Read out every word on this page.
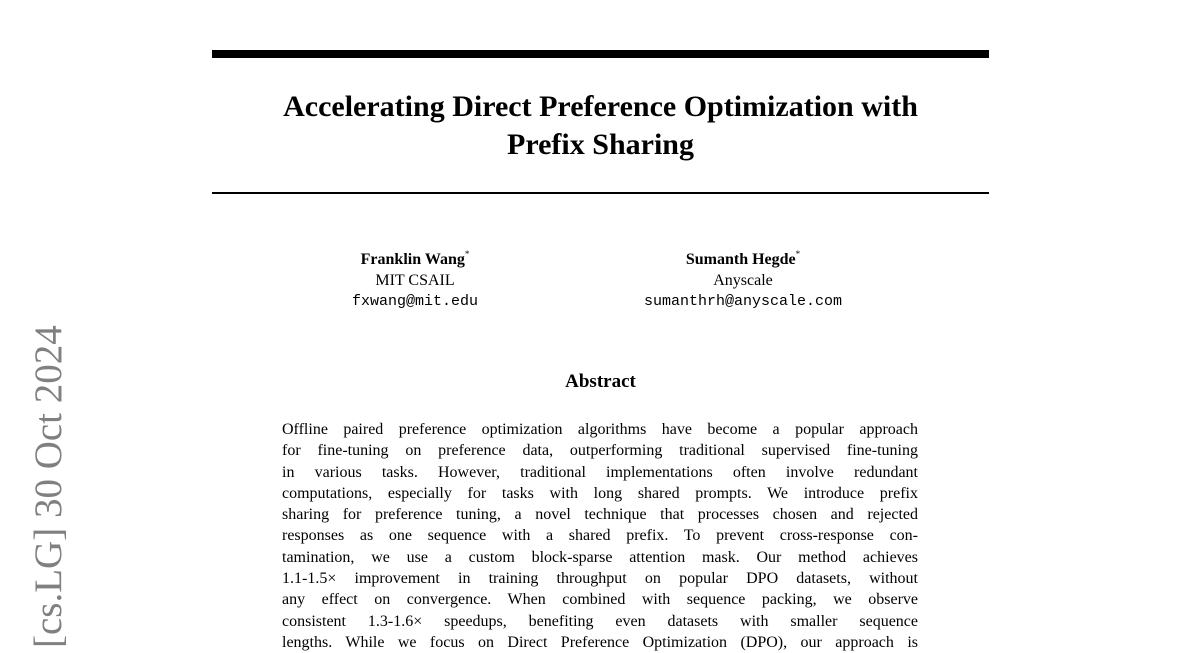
Accelerating Direct Preference Optimization with
Prefix Sharing
Franklin Wang*
MIT CSAIL
fxwang@mit.edu
Sumanth Hegde*
Anyscale
sumanthrh@anyscale.com
Abstract
Offline paired preference optimization algorithms have become a popular approach
for fine-tuning on preference data, outperforming traditional supervised fine-tuning
in various tasks. However, traditional implementations often involve redundant
computations, especially for tasks with long shared prompts. We introduce prefix
sharing for preference tuning, a novel technique that processes chosen and rejected
responses as one sequence with a shared prefix. To prevent cross-response con-
tamination, we use a custom block-sparse attention mask. Our method achieves
1.1-1.5× improvement in training throughput on popular DPO datasets, without
any effect on convergence. When combined with sequence packing, we observe
consistent 1.3-1.6× speedups, benefiting even datasets with smaller sequence
lengths. While we focus on Direct Preference Optimization (DPO), our approach is
[cs.LG] 30 Oct 2024
